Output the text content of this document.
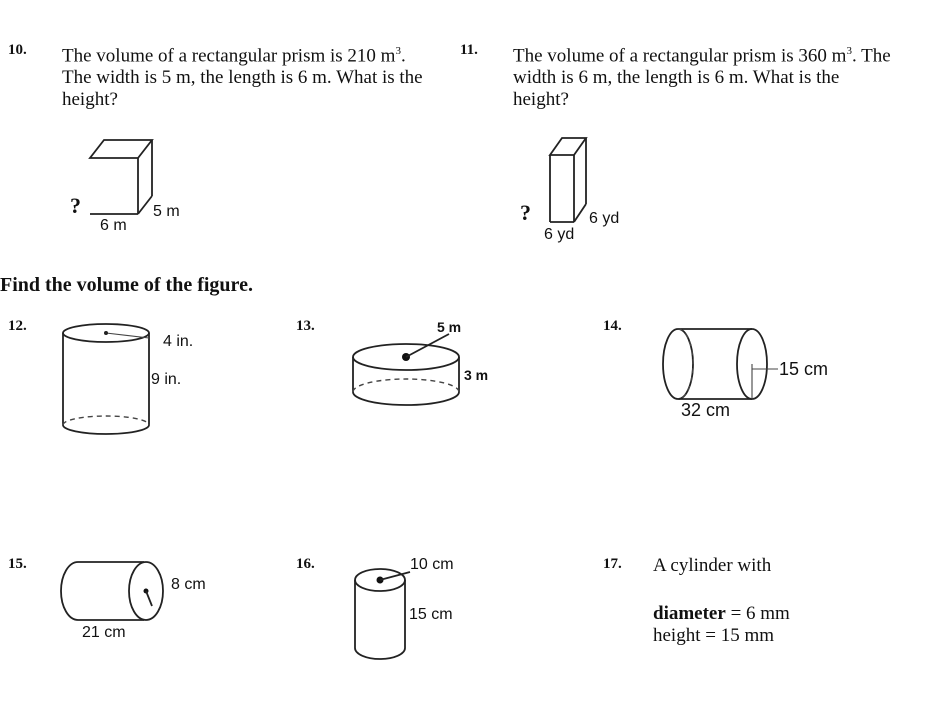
10. The volume of a rectangular prism is 210 $m^3$.
The width is 5 m, the length is 6 m. What is the
height?
?
6 m
5 m
11. The volume of a rectangular prism is 360 $m^3$. The
width is 6 m, the length is 6 m. What is the
height?
?
6 yd
6 yd
Find the volume of the figure.
12.
4 in.
9 in.
13.	5 m
3 m
14.
15 cm
32 cm
15.
8 cm
21 cm
16.	10 cm
15 cm
17. A cylinder with
diameter = 6 mm
height = 15 mm
